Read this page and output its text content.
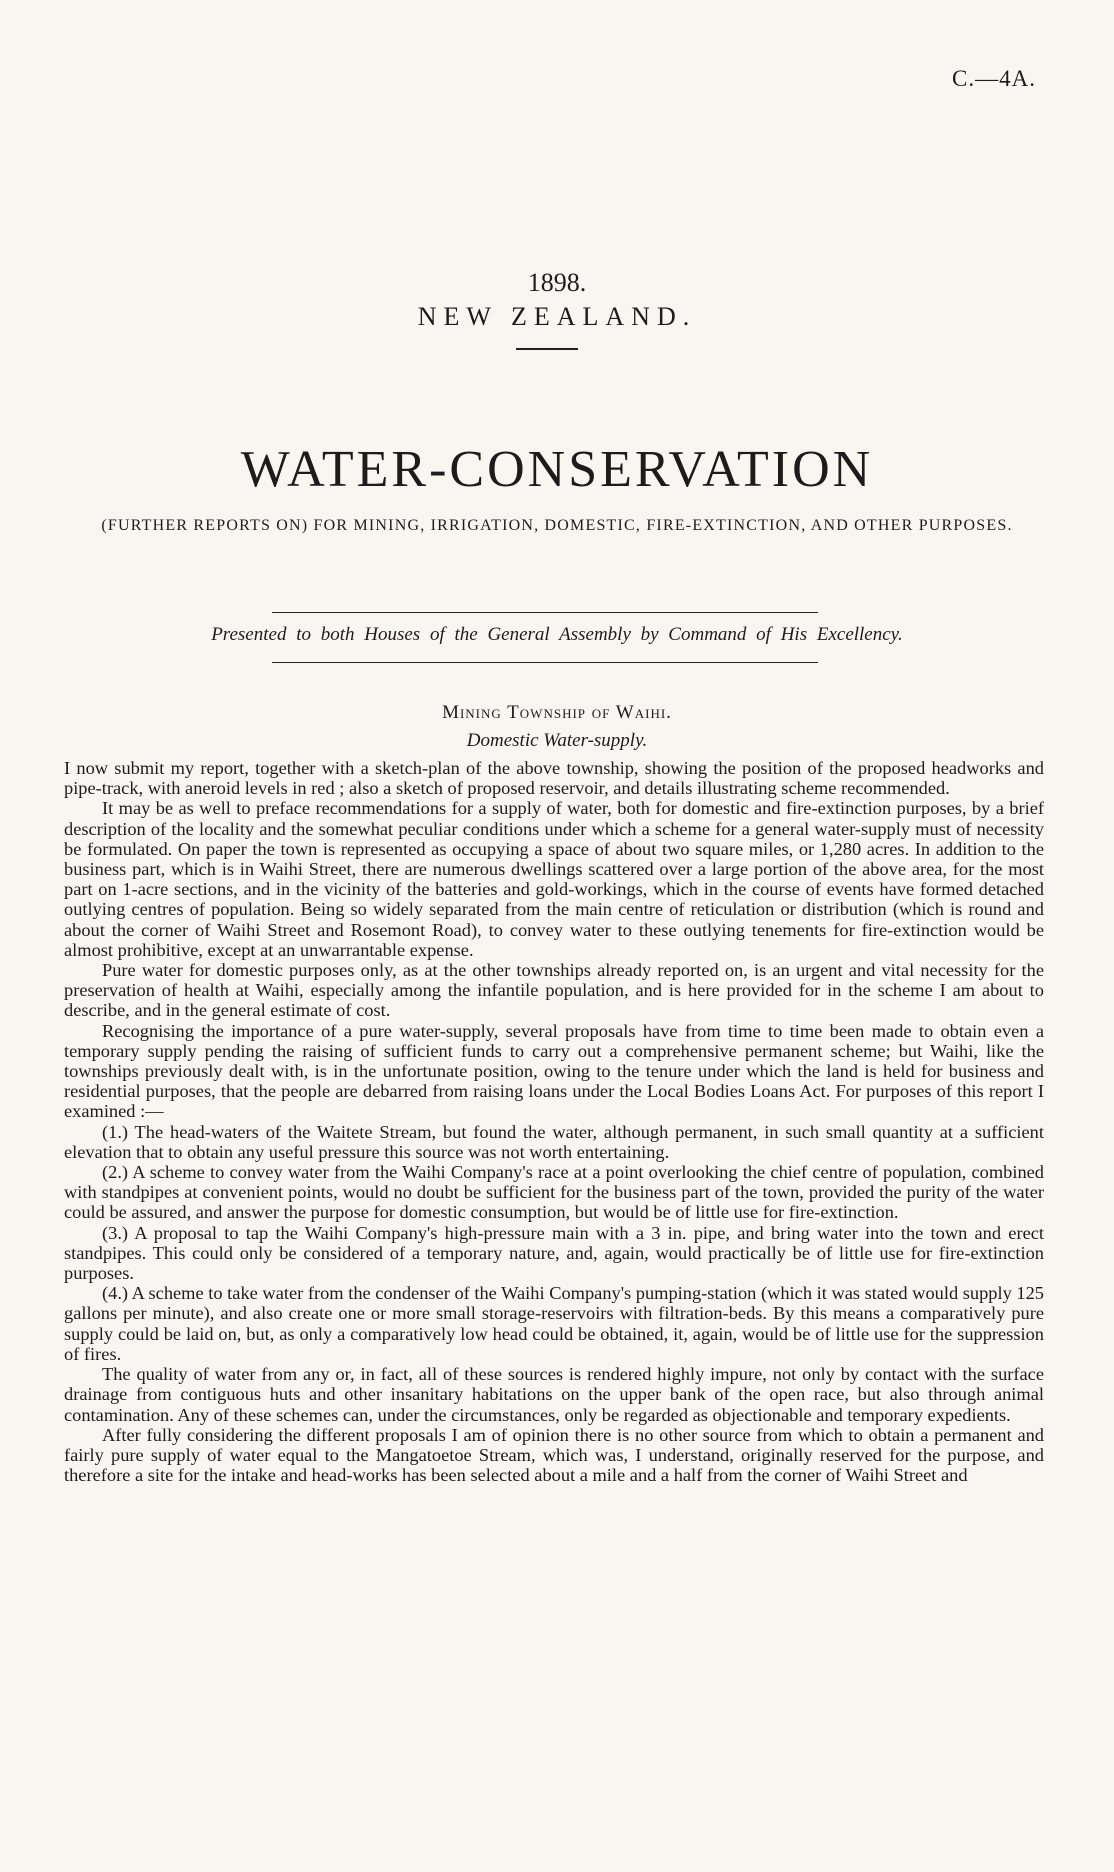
C.—4A.
1898.
NEW ZEALAND.
WATER-CONSERVATION
(FURTHER REPORTS ON) FOR MINING, IRRIGATION, DOMESTIC, FIRE-EXTINCTION, AND OTHER PURPOSES.
Presented to both Houses of the General Assembly by Command of His Excellency.
Mining Township of Waihi.
Domestic Water-supply.

I now submit my report, together with a sketch-plan of the above township, showing the position of the proposed headworks and pipe-track, with aneroid levels in red ; also a sketch of proposed reservoir, and details illustrating scheme recommended.

It may be as well to preface recommendations for a supply of water, both for domestic and fire-extinction purposes, by a brief description of the locality and the somewhat peculiar conditions under which a scheme for a general water-supply must of necessity be formulated. On paper the town is represented as occupying a space of about two square miles, or 1,280 acres. In addition to the business part, which is in Waihi Street, there are numerous dwellings scattered over a large portion of the above area, for the most part on 1-acre sections, and in the vicinity of the batteries and gold-workings, which in the course of events have formed detached outlying centres of population. Being so widely separated from the main centre of reticulation or distribution (which is round and about the corner of Waihi Street and Rosemont Road), to convey water to these outlying tenements for fire-extinction would be almost prohibitive, except at an unwarrantable expense.

Pure water for domestic purposes only, as at the other townships already reported on, is an urgent and vital necessity for the preservation of health at Waihi, especially among the infantile population, and is here provided for in the scheme I am about to describe, and in the general estimate of cost.

Recognising the importance of a pure water-supply, several proposals have from time to time been made to obtain even a temporary supply pending the raising of sufficient funds to carry out a comprehensive permanent scheme; but Waihi, like the townships previously dealt with, is in the unfortunate position, owing to the tenure under which the land is held for business and residential purposes, that the people are debarred from raising loans under the Local Bodies Loans Act. For purposes of this report I examined :—

(1.) The head-waters of the Waitete Stream, but found the water, although permanent, in such small quantity at a sufficient elevation that to obtain any useful pressure this source was not worth entertaining.

(2.) A scheme to convey water from the Waihi Company's race at a point overlooking the chief centre of population, combined with standpipes at convenient points, would no doubt be sufficient for the business part of the town, provided the purity of the water could be assured, and answer the purpose for domestic consumption, but would be of little use for fire-extinction.

(3.) A proposal to tap the Waihi Company's high-pressure main with a 3 in. pipe, and bring water into the town and erect standpipes. This could only be considered of a temporary nature, and, again, would practically be of little use for fire-extinction purposes.

(4.) A scheme to take water from the condenser of the Waihi Company's pumping-station (which it was stated would supply 125 gallons per minute), and also create one or more small storage-reservoirs with filtration-beds. By this means a comparatively pure supply could be laid on, but, as only a comparatively low head could be obtained, it, again, would be of little use for the suppression of fires.

The quality of water from any or, in fact, all of these sources is rendered highly impure, not only by contact with the surface drainage from contiguous huts and other insanitary habitations on the upper bank of the open race, but also through animal contamination. Any of these schemes can, under the circumstances, only be regarded as objectionable and temporary expedients.

After fully considering the different proposals I am of opinion there is no other source from which to obtain a permanent and fairly pure supply of water equal to the Mangatoetoe Stream, which was, I understand, originally reserved for the purpose, and therefore a site for the intake and head-works has been selected about a mile and a half from the corner of Waihi Street and
